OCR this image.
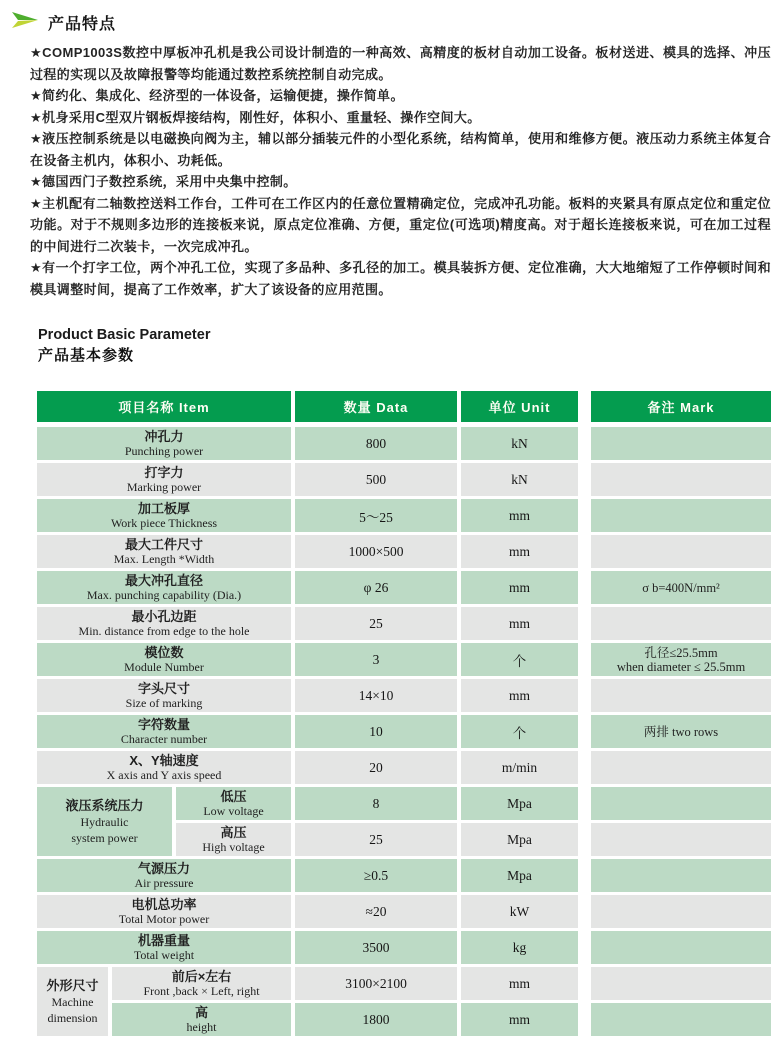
产品特点

★COMP1003S数控中厚板冲孔机是我公司设计制造的一种高效、高精度的板材自动加工设备。板材送进、模具的选择、冲压过程的实现以及故障报警等均能通过数控系统控制自动完成。

★简约化、集成化、经济型的一体设备，运输便捷，操作简单。

★机身采用C型双片钢板焊接结构，刚性好，体积小、重量轻、操作空间大。

★液压控制系统是以电磁换向阀为主，辅以部分插装元件的小型化系统，结构简单，使用和维修方便。液压动力系统主体复合在设备主机内，体积小、功耗低。

★德国西门子数控系统，采用中央集中控制。

★主机配有二轴数控送料工作台，工件可在工作区内的任意位置精确定位，完成冲孔功能。板料的夹紧具有原点定位和重定位功能。对于不规则多边形的连接板来说，原点定位准确、方便，重定位(可选项)精度高。对于超长连接板来说，可在加工过程的中间进行二次装卡，一次完成冲孔。

★有一个打字工位，两个冲孔工位，实现了多品种、多孔径的加工。模具装拆方便、定位准确，大大地缩短了工作停顿时间和模具调整时间，提高了工作效率，扩大了该设备的应用范围。

Product Basic Parameter
产品基本参数
项目名称 Item			数量 Data	单位 Unit	备注 Mark

冲孔力
Punching power			800	kN	

打字力
Marking power			500	kN	

加工板厚
Work piece Thickness			5～25	mm	

最大工件尺寸
Max. Length *Width			1000×500	mm	

最大冲孔直径
Max. punching capability (Dia.)			φ 26	mm	σ b=400N/mm²

最小孔边距
Min. distance from edge to the hole			25	mm	

模位数
Module Number			3	个	孔径≤25.5mm
when diameter ≤ 25.5mm

字头尺寸
Size of marking			14×10	mm	

字符数量
Character number			10	个	两排 two rows

X、Y轴速度
X axis and Y axis speed			20	m/min	

液压系统压力
Hydraulic
system power		低压
Low voltage	8	Mpa	

		高压
High voltage	25	Mpa	

气源压力
Air pressure			≥0.5	Mpa	

电机总功率
Total Motor power			≈20	kW	

机器重量
Total weight			3500	kg	

外形尺寸
Machine
dimension	前后×左右
Front ,back × Left, right		3100×2100	mm	

	高
height		1800	mm	
